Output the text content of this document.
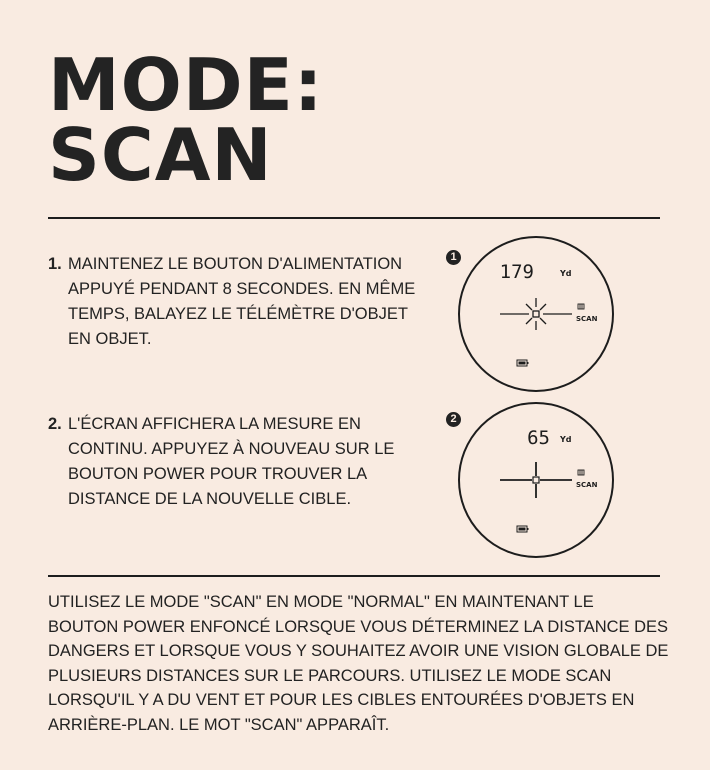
MODE:
SCAN
1. MAINTENEZ LE BOUTON D'ALIMENTATION
APPUYÉ PENDANT 8 SECONDES. EN MÊME
TEMPS, BALAYEZ LE TÉLÉMÈTRE D'OBJET
EN OBJET.
1
179	Yd
SCAN
2. L'ÉCRAN AFFICHERA LA MESURE EN
CONTINU. APPUYEZ À NOUVEAU SUR LE
BOUTON POWER POUR TROUVER LA
DISTANCE DE LA NOUVELLE CIBLE.
2
65 Yd
SCAN
UTILISEZ LE MODE "SCAN" EN MODE "NORMAL" EN MAINTENANT LE
BOUTON POWER ENFONCÉ LORSQUE VOUS DÉTERMINEZ LA DISTANCE DES
DANGERS ET LORSQUE VOUS Y SOUHAITEZ AVOIR UNE VISION GLOBALE DE
PLUSIEURS DISTANCES SUR LE PARCOURS. UTILISEZ LE MODE SCAN
LORSQU'IL Y A DU VENT ET POUR LES CIBLES ENTOURÉES D'OBJETS EN
ARRIÈRE-PLAN. LE MOT "SCAN" APPARAÎT.
